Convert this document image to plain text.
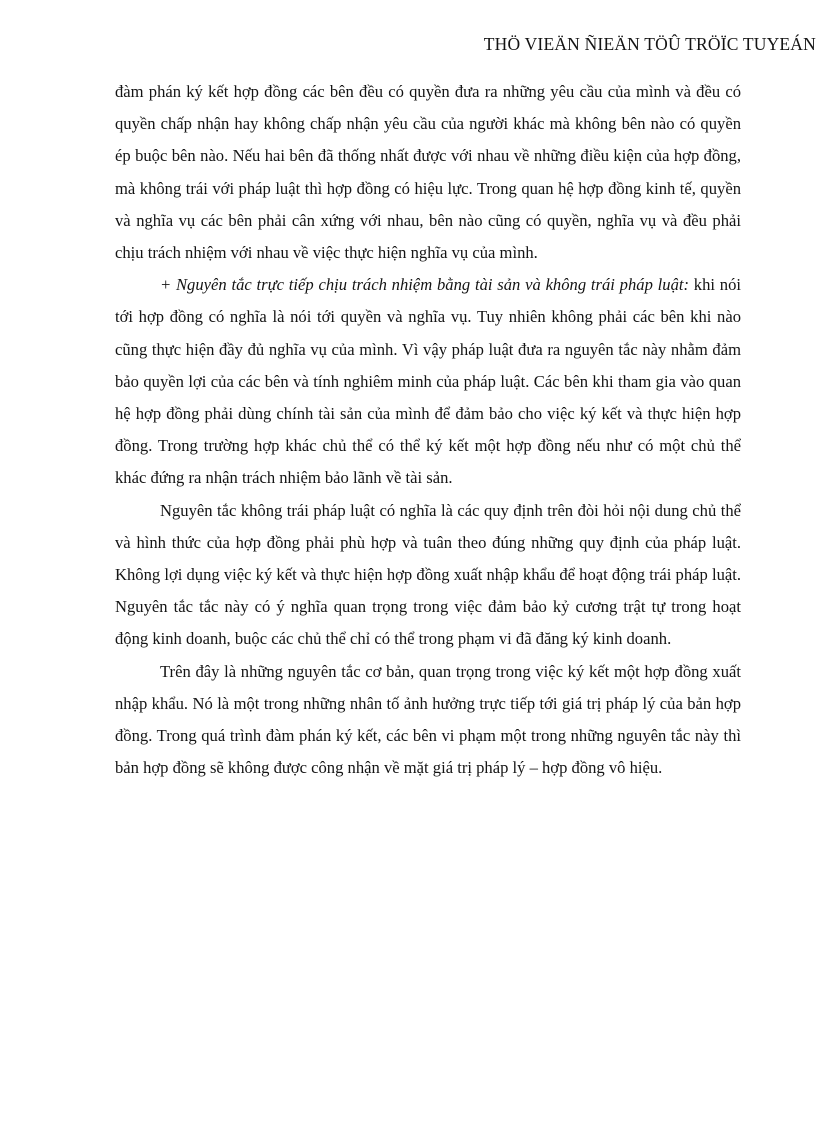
THÖ VIEÄN ÑIEÄN TÖÛ TRÖÏC TUYEÁN

đàm phán ký kết hợp đồng các bên đều có quyền đưa ra những yêu cầu của mình và đều có quyền chấp nhận hay không chấp nhận yêu cầu của người khác mà không bên nào có quyền ép buộc bên nào. Nếu hai bên đã thống nhất được với nhau về những điều kiện của hợp đồng, mà không trái với pháp luật thì hợp đồng có hiệu lực. Trong quan hệ hợp đồng kinh tế, quyền và nghĩa vụ các bên phải cân xứng với nhau, bên nào cũng có quyền, nghĩa vụ và đều phải chịu trách nhiệm với nhau về việc thực hiện nghĩa vụ của mình.

+ Nguyên tắc trực tiếp chịu trách nhiệm bằng tài sản và không trái pháp luật: khi nói tới hợp đồng có nghĩa là nói tới quyền và nghĩa vụ. Tuy nhiên không phải các bên khi nào cũng thực hiện đầy đủ nghĩa vụ của mình. Vì vậy pháp luật đưa ra nguyên tắc này nhằm đảm bảo quyền lợi của các bên và tính nghiêm minh của pháp luật. Các bên khi tham gia vào quan hệ hợp đồng phải dùng chính tài sản của mình để đảm bảo cho việc ký kết và thực hiện hợp đồng. Trong trường hợp khác chủ thể có thể ký kết một hợp đồng nếu như có một chủ thể khác đứng ra nhận trách nhiệm bảo lãnh về tài sản.

Nguyên tắc không trái pháp luật có nghĩa là các quy định trên đòi hỏi nội dung chủ thể và hình thức của hợp đồng phải phù hợp và tuân theo đúng những quy định của pháp luật. Không lợi dụng việc ký kết và thực hiện hợp đồng xuất nhập khẩu để hoạt động trái pháp luật. Nguyên tắc tắc này có ý nghĩa quan trọng trong việc đảm bảo kỷ cương trật tự trong hoạt động kinh doanh, buộc các chủ thể chỉ có thể trong phạm vi đã đăng ký kinh doanh.

Trên đây là những nguyên tắc cơ bản, quan trọng trong việc ký kết một hợp đồng xuất nhập khẩu. Nó là một trong những nhân tố ảnh hưởng trực tiếp tới giá trị pháp lý của bản hợp đồng. Trong quá trình đàm phán ký kết, các bên vi phạm một trong những nguyên tắc này thì bản hợp đồng sẽ không được công nhận về mặt giá trị pháp lý – hợp đồng vô hiệu.
